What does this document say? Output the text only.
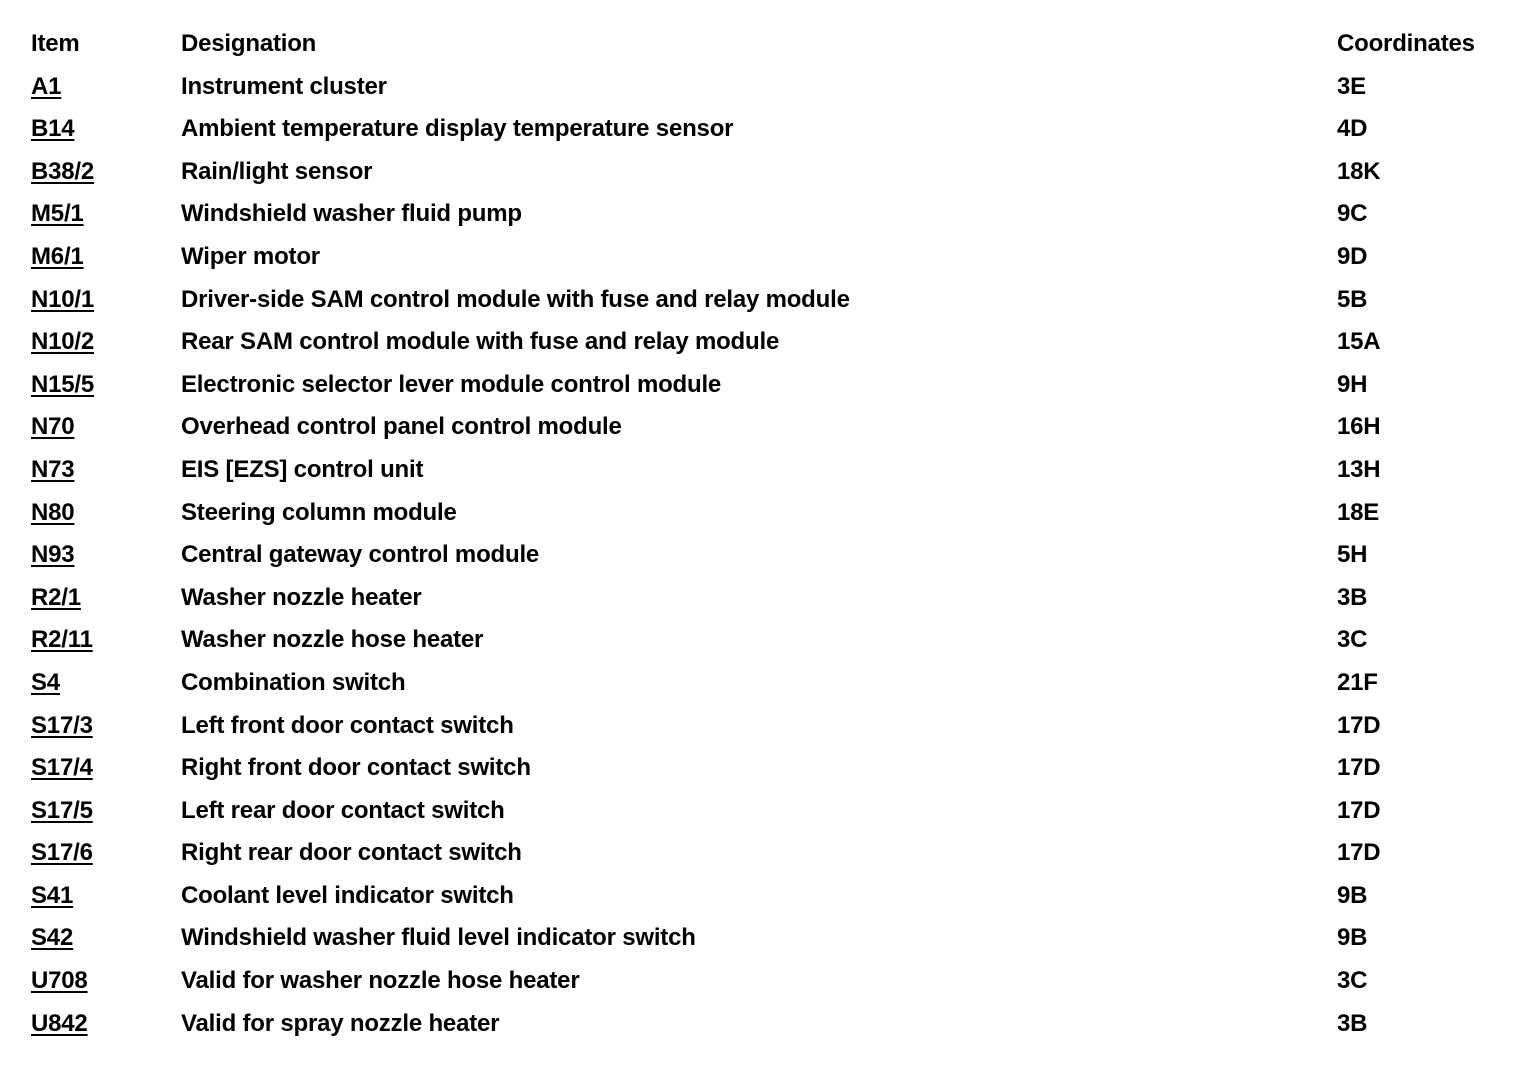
Item	Designation	Coordinates
A1	Instrument cluster	3E
B14	Ambient temperature display temperature sensor	4D
B38/2	Rain/light sensor	18K
M5/1	Windshield washer fluid pump	9C
M6/1	Wiper motor	9D
N10/1	Driver-side SAM control module with fuse and relay module	5B
N10/2	Rear SAM control module with fuse and relay module	15A
N15/5	Electronic selector lever module control module	9H
N70	Overhead control panel control module	16H
N73	EIS [EZS] control unit	13H
N80	Steering column module	18E
N93	Central gateway control module	5H
R2/1	Washer nozzle heater	3B
R2/11	Washer nozzle hose heater	3C
S4	Combination switch	21F
S17/3	Left front door contact switch	17D
S17/4	Right front door contact switch	17D
S17/5	Left rear door contact switch	17D
S17/6	Right rear door contact switch	17D
S41	Coolant level indicator switch	9B
S42	Windshield washer fluid level indicator switch	9B
U708	Valid for washer nozzle hose heater	3C
U842	Valid for spray nozzle heater	3B
